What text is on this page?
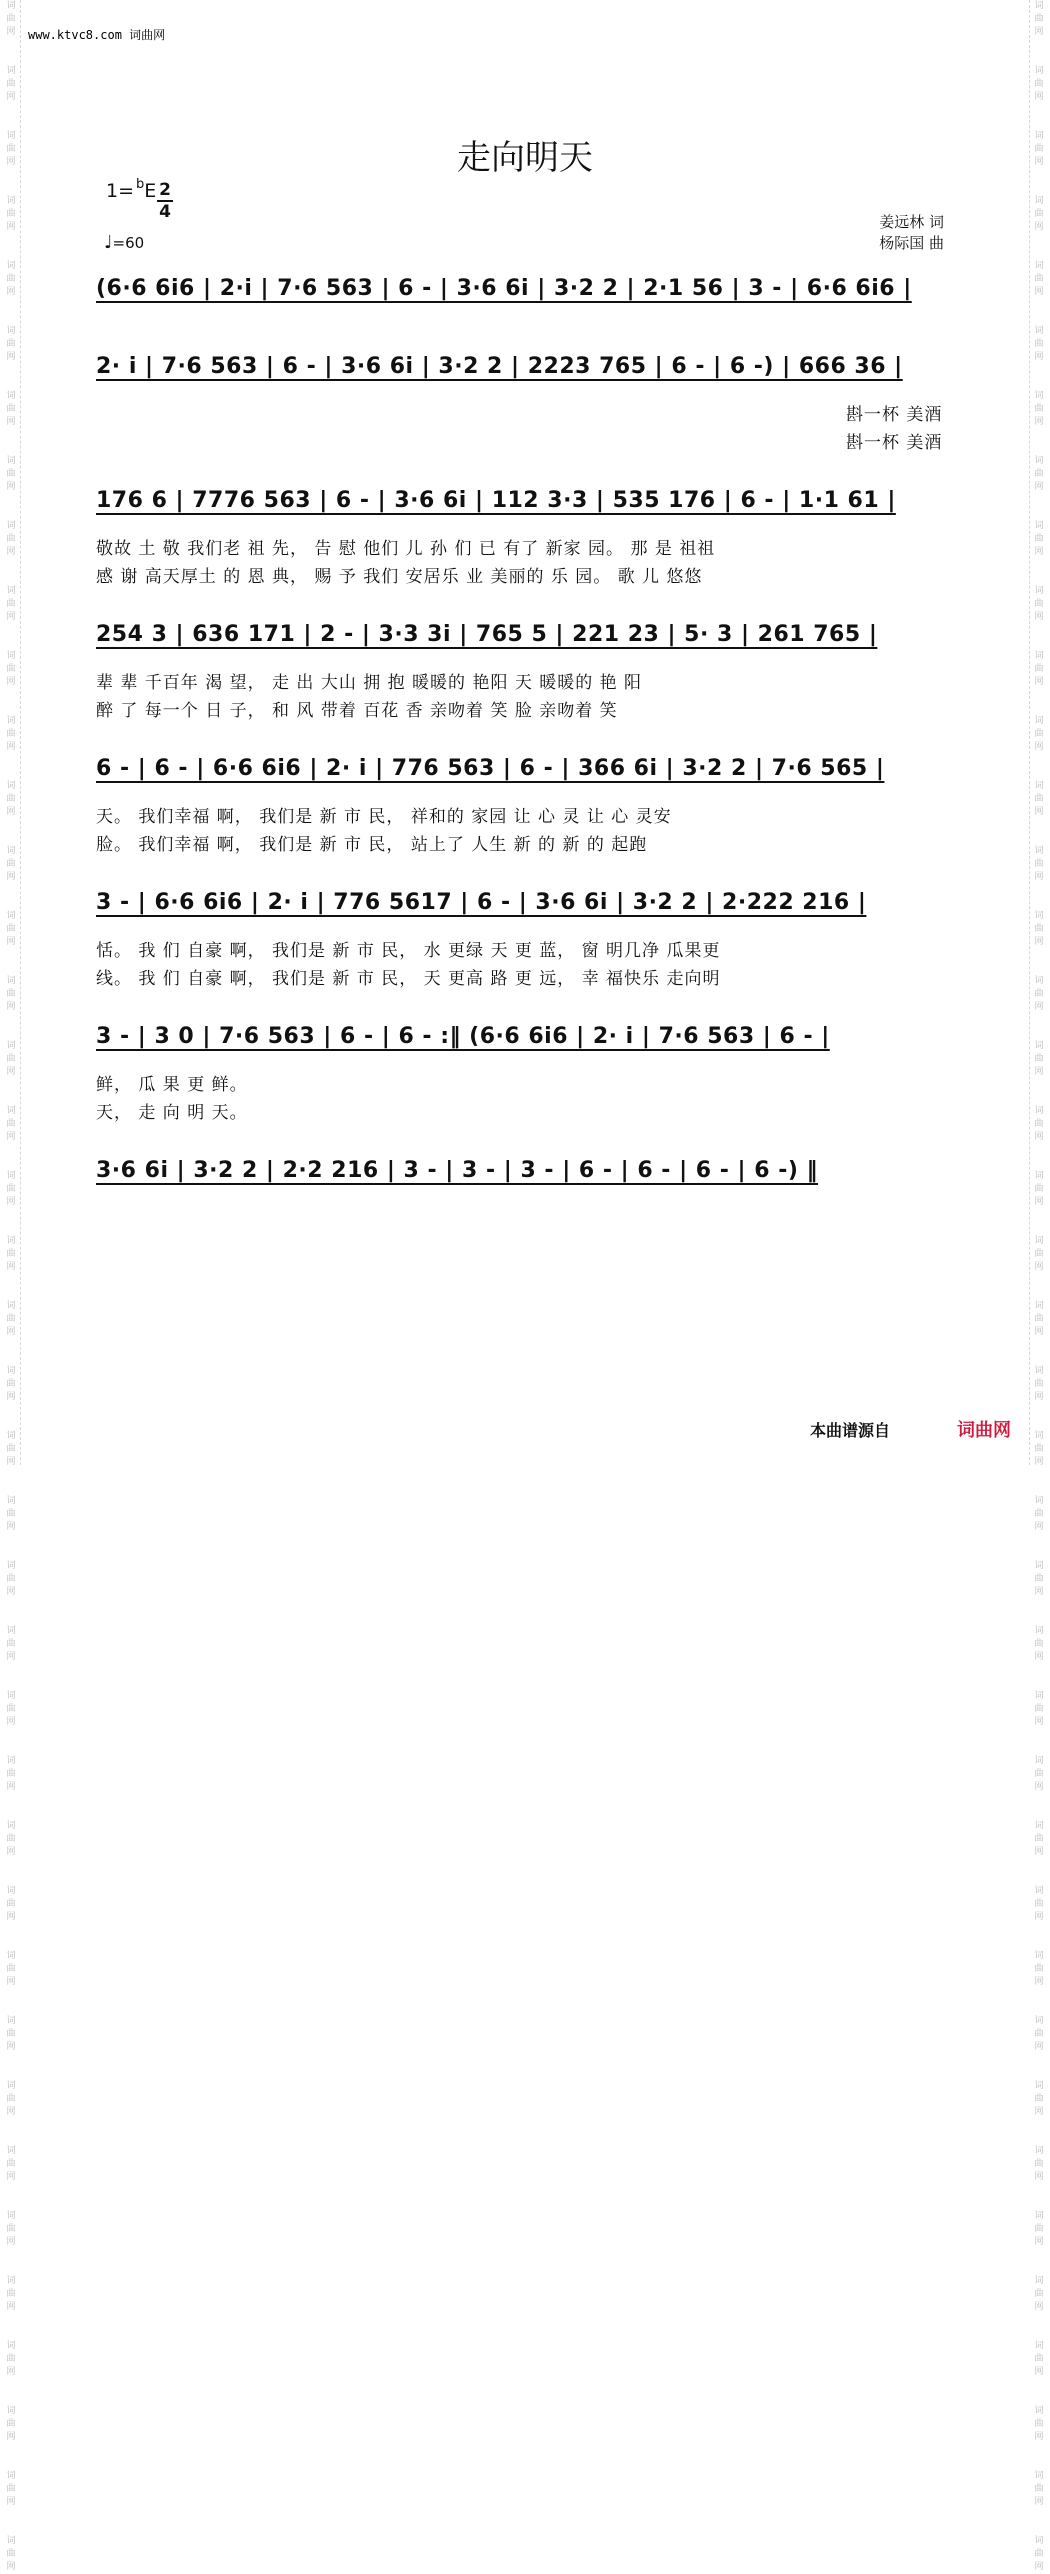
词
曲
网

词
曲
网

词
曲
网

词
曲
网

词
曲
网

词
曲
网

词
曲
网

词
曲
网

词
曲
网

词
曲
网

词
曲
网

词
曲
网

词
曲
网

词
曲
网

词
曲
网

词
曲
网

词
曲
网

词
曲
网

词
曲
网

词
曲
网

词
曲
网

词
曲
网

词
曲
网

词
曲
网

词
曲
网

词
曲
网

词
曲
网

词
曲
网

词
曲
网

词
曲
网

词
曲
网

词
曲
网

词
曲
网

词
曲
网

词
曲
网

词
曲
网

词
曲
网

词
曲
网

词
曲
网

词
曲
网

词
曲
网

词
曲
网

词
曲
网

词
曲
网

词
曲
网

词
曲
网

词
曲
网

词
曲
网

词
曲
网

词
曲
网

词
曲
网

词
曲
网

词
曲
网

词
曲
网

词
曲
网

词
曲
网

词
曲
网

词
曲
网

词
曲
网

词
曲
网

词
曲
网

词
曲
网

词
曲
网

词
曲
网

词
曲
网

词
曲
网

词
曲
网

词
曲
网

词
曲
网

词
曲
网

词
曲
网

词
曲
网

词
曲
网

词
曲
网

词
曲
网

词
曲
网

词
曲
网

词
曲
网

词
曲
网

词
曲
网

www.ktvc8.com 词曲网
走向明天
1= $^b$E 2
4
♩=60
姜远林 词
杨际国 曲
(6·6 6i6 | 2·i | 7·6 563 | 6 - | 3·6 6i | 3·2 2 | 2·1 56 | 3 - | 6·6 6i6 |
2· i | 7·6 563 | 6 - | 3·6 6i | 3·2 2 | 2223 765 | 6 - | 6 -) | 666 36 |
斟一杯 美酒
斟一杯 美酒
176 6 | 7776 563 | 6 - | 3·6 6i | 112 3·3 | 535 176 | 6 - | 1·1 61 |
敬故 土 敬 我们老 祖 先， 告 慰 他们 儿 孙 们 已 有了 新家 园。 那 是 祖祖
感 谢 高天厚土 的 恩 典， 赐 予 我们 安居乐 业 美丽的 乐 园。 歌 儿 悠悠
254 3 | 636 171 | 2 - | 3·3 3i | 765 5 | 221 23 | 5· 3 | 261 765 |
辈 辈 千百年 渴 望， 走 出 大山 拥 抱 暖暖的 艳阳 天 暖暖的 艳 阳
醉 了 每一个 日 子， 和 风 带着 百花 香 亲吻着 笑 脸 亲吻着 笑
6 - | 6 - | 6·6 6i6 | 2· i | 776 563 | 6 - | 366 6i | 3·2 2 | 7·6 565 |
天。 我们幸福 啊， 我们是 新 市 民， 祥和的 家园 让 心 灵 让 心 灵安
脸。 我们幸福 啊， 我们是 新 市 民， 站上了 人生 新 的 新 的 起跑
3 - | 6·6 6i6 | 2· i | 776 5617 | 6 - | 3·6 6i | 3·2 2 | 2·222 216 |
恬。 我 们 自豪 啊， 我们是 新 市 民， 水 更绿 天 更 蓝， 窗 明几净 瓜果更
线。 我 们 自豪 啊， 我们是 新 市 民， 天 更高 路 更 远， 幸 福快乐 走向明
3 - | 3 0 | 7·6 563 | 6 - | 6 - :‖ (6·6 6i6 | 2· i | 7·6 563 | 6 - |
鲜， 瓜 果 更 鲜。
天， 走 向 明 天。
3·6 6i | 3·2 2 | 2·2 216 | 3 - | 3 - | 3 - | 6 - | 6 - | 6 - | 6 -) ‖
本曲谱源自	词曲网
